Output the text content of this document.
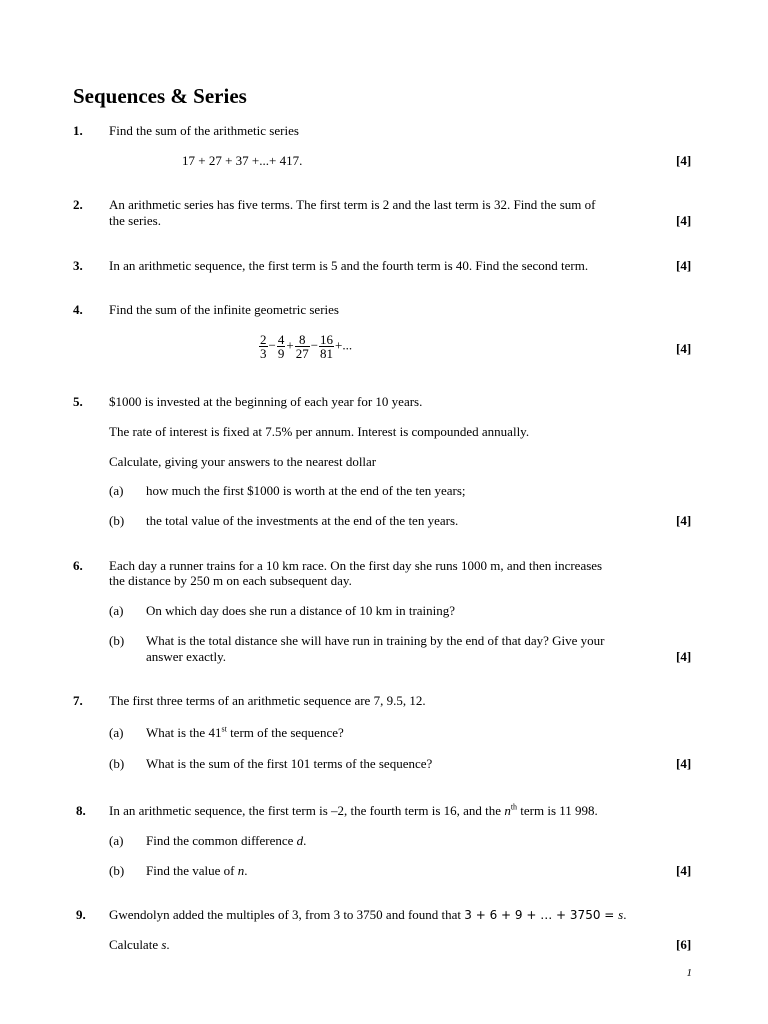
Sequences & Series
1. Find the sum of the arithmetic series
17 + 27 + 37 +...+ 417.	[4]
2. An arithmetic series has five terms. The first term is 2 and the last term is 32. Find the sum of
the series.	[4]
3. In an arithmetic sequence, the first term is 5 and the fourth term is 40. Find the second term.	[4]
4. Find the sum of the infinite geometric series
$\frac{2}{3} - \frac{4}{9} + \frac{8}{27} - \frac{16}{81}$ +...	[4]
5. $1000 is invested at the beginning of each year for 10 years.
The rate of interest is fixed at 7.5% per annum. Interest is compounded annually.
Calculate, giving your answers to the nearest dollar
(a) how much the first $1000 is worth at the end of the ten years;
(b) the total value of the investments at the end of the ten years.	[4]
6. Each day a runner trains for a 10 km race. On the first day she runs 1000 m, and then increases
the distance by 250 m on each subsequent day.
(a) On which day does she run a distance of 10 km in training?
(b) What is the total distance she will have run in training by the end of that day? Give your
answer exactly.	[4]
7. The first three terms of an arithmetic sequence are 7, 9.5, 12.
(a) What is the 41st term of the sequence?
(b) What is the sum of the first 101 terms of the sequence?	[4]
8. In an arithmetic sequence, the first term is –2, the fourth term is 16, and the $n^{th}$ term is 11 998.
(a) Find the common difference d.
(b) Find the value of n.	[4]
9. Gwendolyn added the multiples of 3, from 3 to 3750 and found that 3 + 6 + 9 + … + 3750 = s.
Calculate s.	[6]
1
